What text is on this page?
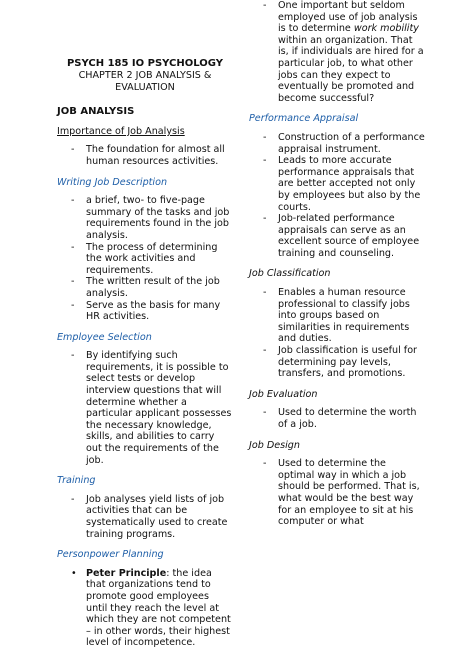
PSYCH 185 IO PSYCHOLOGY
CHAPTER 2 JOB ANALYSIS &
EVALUATION
JOB ANALYSIS
Importance of Job Analysis
- The foundation for almost all human resources activities.
Writing Job Description
- a brief, two- to five-page summary of the tasks and job requirements found in the job analysis.
- The process of determining the work activities and requirements.
- The written result of the job analysis.
- Serve as the basis for many HR activities.
Employee Selection
- By identifying such requirements, it is possible to select tests or develop interview questions that will determine whether a particular applicant possesses the necessary knowledge, skills, and abilities to carry out the requirements of the job.
Training
- Job analyses yield lists of job activities that can be systematically used to create training programs.
Personpower Planning
• Peter Principle: the idea that organizations tend to promote good employees until they reach the level at which they are not competent – in other words, their highest level of incompetence.
- One important but seldom employed use of job analysis is to determine work mobility within an organization. That is, if individuals are hired for a particular job, to what other jobs can they expect to eventually be promoted and become successful?
Performance Appraisal
- Construction of a performance appraisal instrument.
- Leads to more accurate performance appraisals that are better accepted not only by employees but also by the courts.
- Job-related performance appraisals can serve as an excellent source of employee training and counseling.
Job Classification
- Enables a human resource professional to classify jobs into groups based on similarities in requirements and duties.
- Job classification is useful for determining pay levels, transfers, and promotions.
Job Evaluation
- Used to determine the worth of a job.
Job Design
- Used to determine the optimal way in which a job should be performed. That is, what would be the best way for an employee to sit at his computer or what
